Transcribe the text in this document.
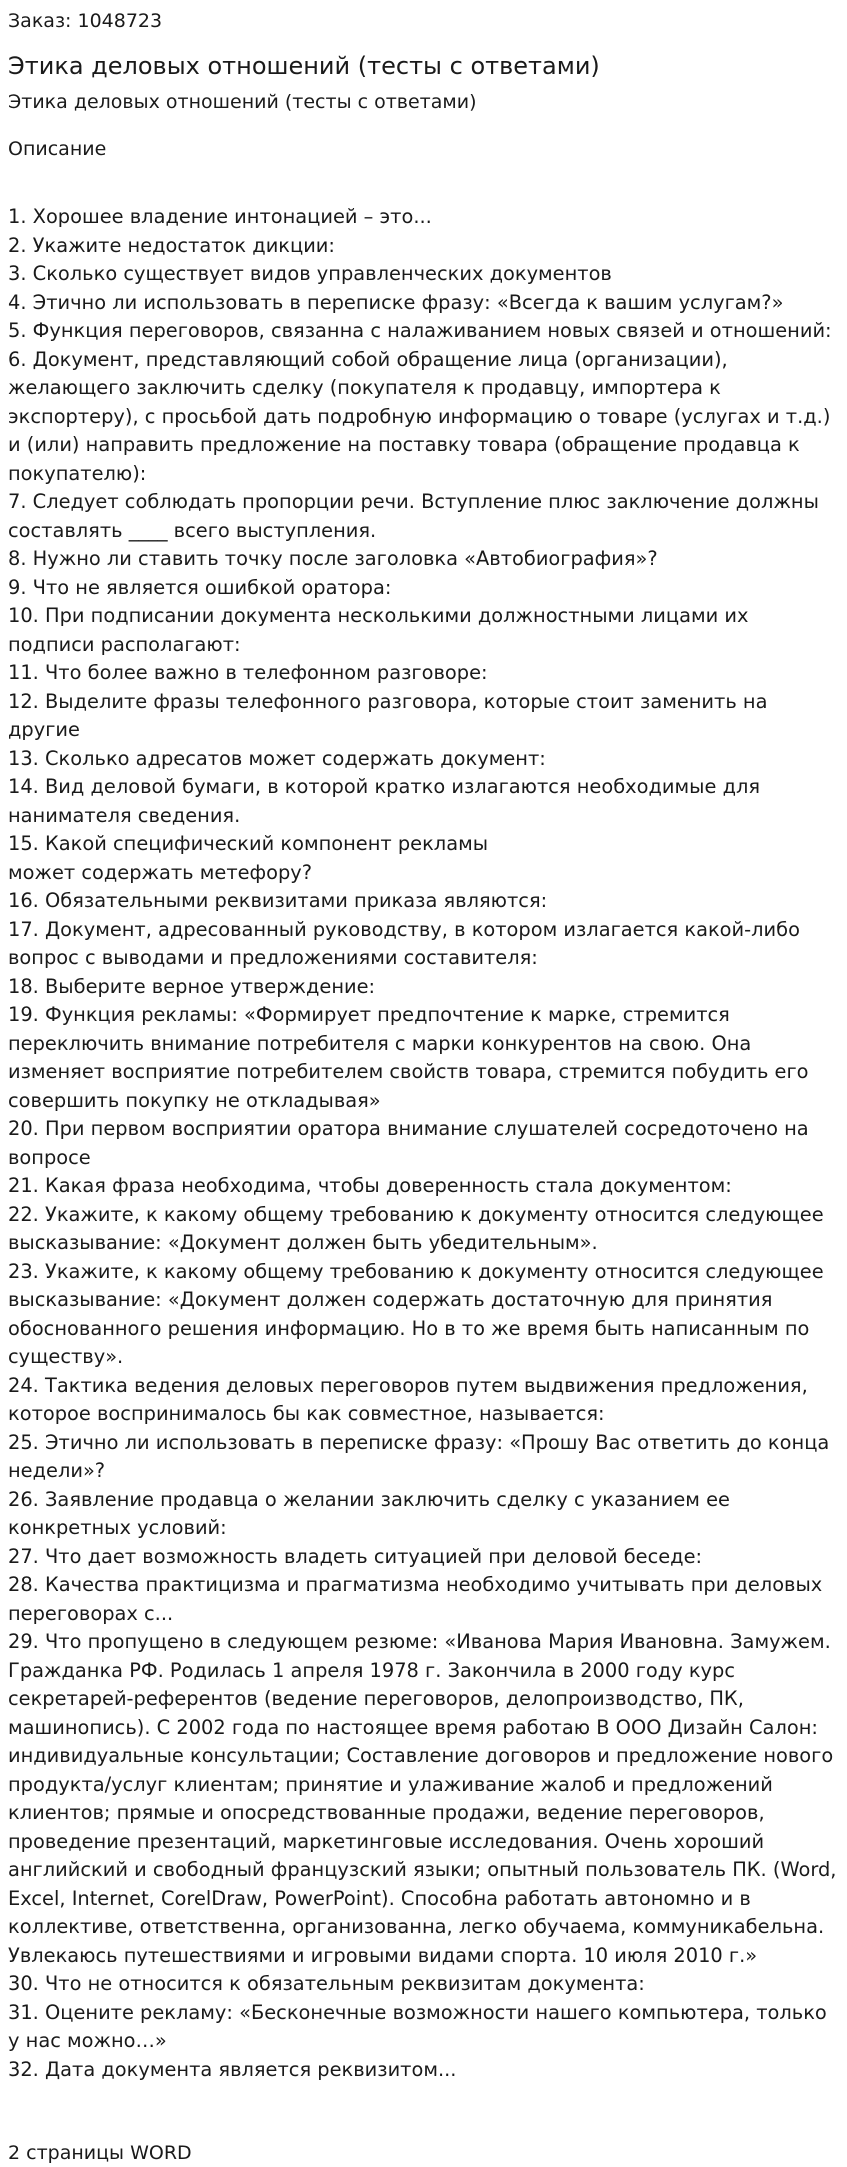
Заказ: 1048723
Этика деловых отношений (тесты с ответами)
Этика деловых отношений (тесты с ответами)
Описание
1. Хорошее владение интонацией – это...
2. Укажите недостаток дикции:
3. Сколько существует видов управленческих документов
4. Этично ли использовать в переписке фразу: «Всегда к вашим услугам?»
5. Функция переговоров, связанна с налаживанием новых связей и отношений:
6. Документ, представляющий собой обращение лица (организации), желающего заключить сделку (покупателя к продавцу, импортера к экспортеру), с просьбой дать подробную информацию о товаре (услугах и т.д.) и (или) направить предложение на поставку товара (обращение продавца к покупателю):
7. Следует соблюдать пропорции речи. Вступление плюс заключение должны составлять ____ всего выступления.
8. Нужно ли ставить точку после заголовка «Автобиография»?
9. Что не является ошибкой оратора:
10. При подписании документа несколькими должностными лицами их подписи располагают:
11. Что более важно в телефонном разговоре:
12. Выделите фразы телефонного разговора, которые стоит заменить на другие
13. Сколько адресатов может содержать документ:
14. Вид деловой бумаги, в которой кратко излагаются необходимые для нанимателя сведения.
15. Какой специфический компонент рекламы
может содержать метефору?
16. Обязательными реквизитами приказа являются:
17. Документ, адресованный руководству, в котором излагается какой-либо вопрос с выводами и предложениями составителя:
18. Выберите верное утверждение:
19. Функция рекламы: «Формирует предпочтение к марке, стремится переключить внимание потребителя с марки конкурентов на свою. Она изменяет восприятие потребителем свойств товара, стремится побудить его совершить покупку не откладывая»
20. При первом восприятии оратора внимание слушателей сосредоточено на вопросе
21. Какая фраза необходима, чтобы доверенность стала документом:
22. Укажите, к какому общему требованию к документу относится следующее высказывание: «Документ должен быть убедительным».
23. Укажите, к какому общему требованию к документу относится следующее высказывание: «Документ должен содержать достаточную для принятия обоснованного решения информацию. Но в то же время быть написанным по существу».
24. Тактика ведения деловых переговоров путем выдвижения предложения, которое воспринималось бы как совместное, называется:
25. Этично ли использовать в переписке фразу: «Прошу Вас ответить до конца недели»?
26. Заявление продавца о желании заключить сделку с указанием ее конкретных условий:
27. Что дает возможность владеть ситуацией при деловой беседе:
28. Качества практицизма и прагматизма необходимо учитывать при деловых переговорах с...
29. Что пропущено в следующем резюме: «Иванова Мария Ивановна. Замужем. Гражданка РФ. Родилась 1 апреля 1978 г. Закончила в 2000 году курс секретарей-референтов (ведение переговоров, делопроизводство, ПК, машинопись). С 2002 года по настоящее время работаю В ООО Дизайн Салон: индивидуальные консультации; Составление договоров и предложение нового продукта/услуг клиентам; принятие и улаживание жалоб и предложений клиентов; прямые и опосредствованные продажи, ведение переговоров, проведение презентаций, маркетинговые исследования. Очень хороший английский и свободный французский языки; опытный пользователь ПК. (Word, Excel, Internet, CorelDraw, PowerPoint). Способна работать автономно и в коллективе, ответственна, организованна, легко обучаема, коммуникабельна. Увлекаюсь путешествиями и игровыми видами спорта. 10 июля 2010 г.»
30. Что не относится к обязательным реквизитам документа:
31. Оцените рекламу: «Бесконечные возможности нашего компьютера, только у нас можно…»
32. Дата документа является реквизитом...
2 страницы WORD
